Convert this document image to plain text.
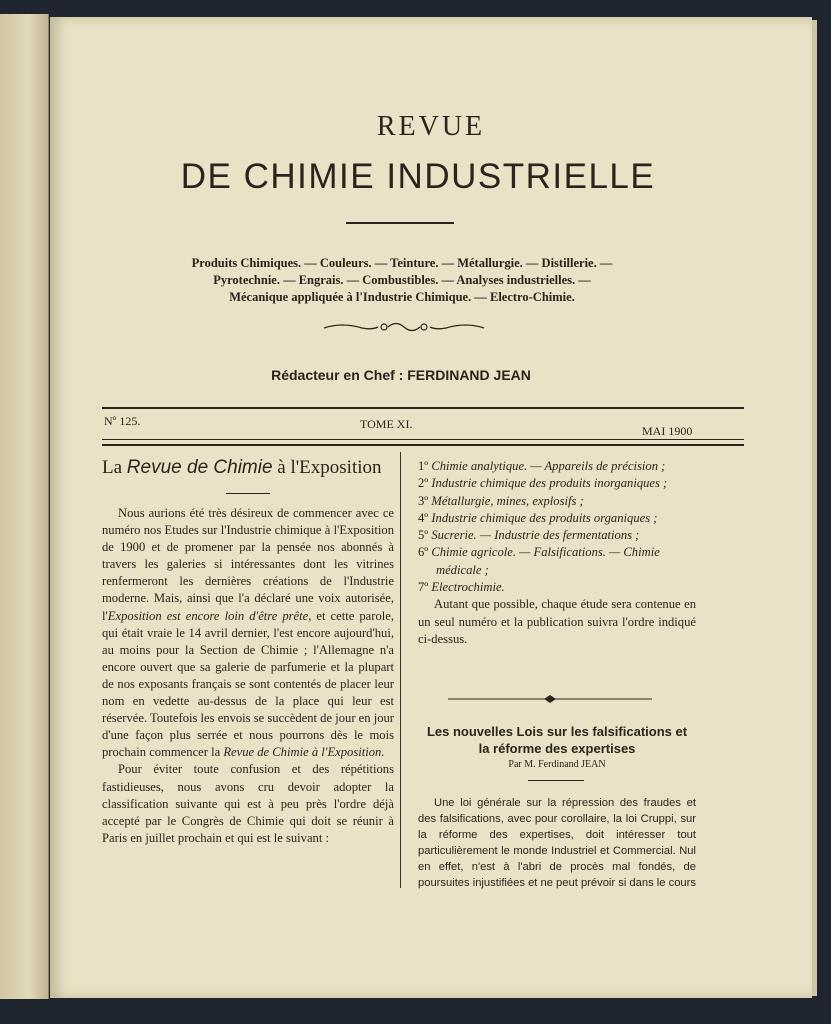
REVUE
DE CHIMIE INDUSTRIELLE
Produits Chimiques. — Couleurs. — Teinture. — Métallurgie. — Distillerie. —
Pyrotechnie. — Engrais. — Combustibles. — Analyses industrielles. —
Mécanique appliquée à l'Industrie Chimique. — Electro-Chimie.
Rédacteur en Chef : FERDINAND JEAN
Nº 125.	TOME XI.	MAI 1900
La Revue de Chimie à l'Exposition

Nous aurions été très désireux de commencer avec ce numéro nos Etudes sur l'Industrie chimique à l'Exposition de 1900 et de promener par la pensée nos abonnés à travers les galeries si intéressantes dont les vitrines renfermeront les dernières créations de l'Industrie moderne. Mais, ainsi que l'a déclaré une voix autorisée, l'Exposition est encore loin d'être prête, et cette parole, qui était vraie le 14 avril dernier, l'est encore aujourd'hui, au moins pour la Section de Chimie ; l'Allemagne n'a encore ouvert que sa galerie de parfumerie et la plupart de nos exposants français se sont contentés de placer leur nom en vedette au-dessus de la place qui leur est réservée. Toutefois les envois se succèdent de jour en jour d'une façon plus serrée et nous pourrons dès le mois prochain commencer la Revue de Chimie à l'Exposition.

Pour éviter toute confusion et des répétitions fastidieuses, nous avons cru devoir adopter la classification suivante qui est à peu près l'ordre déjà accepté par le Congrès de Chimie qui doit se réunir à Paris en juillet prochain et qui est le suivant :

1º Chimie analytique. — Appareils de précision ;
2º Industrie chimique des produits inorganiques ;
3º Métallurgie, mines, explosifs ;
4º Industrie chimique des produits organiques ;
5º Sucrerie. — Industrie des fermentations ;
6º Chimie agricole. — Falsifications. — Chimie médicale ;
7º Electrochimie.

Autant que possible, chaque étude sera contenue en un seul numéro et la publication suivra l'ordre indiqué ci-dessus.

Les nouvelles Lois sur les falsifications et
la réforme des expertises
Par M. Ferdinand JEAN

Une loi générale sur la répression des fraudes et des falsifications, avec pour corollaire, la loi Cruppi, sur la réforme des expertises, doit intéresser tout particulièrement le monde Industriel et Commercial. Nul en effet, n'est à l'abri de procès mal fondés, de poursuites injustifiées et ne peut prévoir si dans le cours
